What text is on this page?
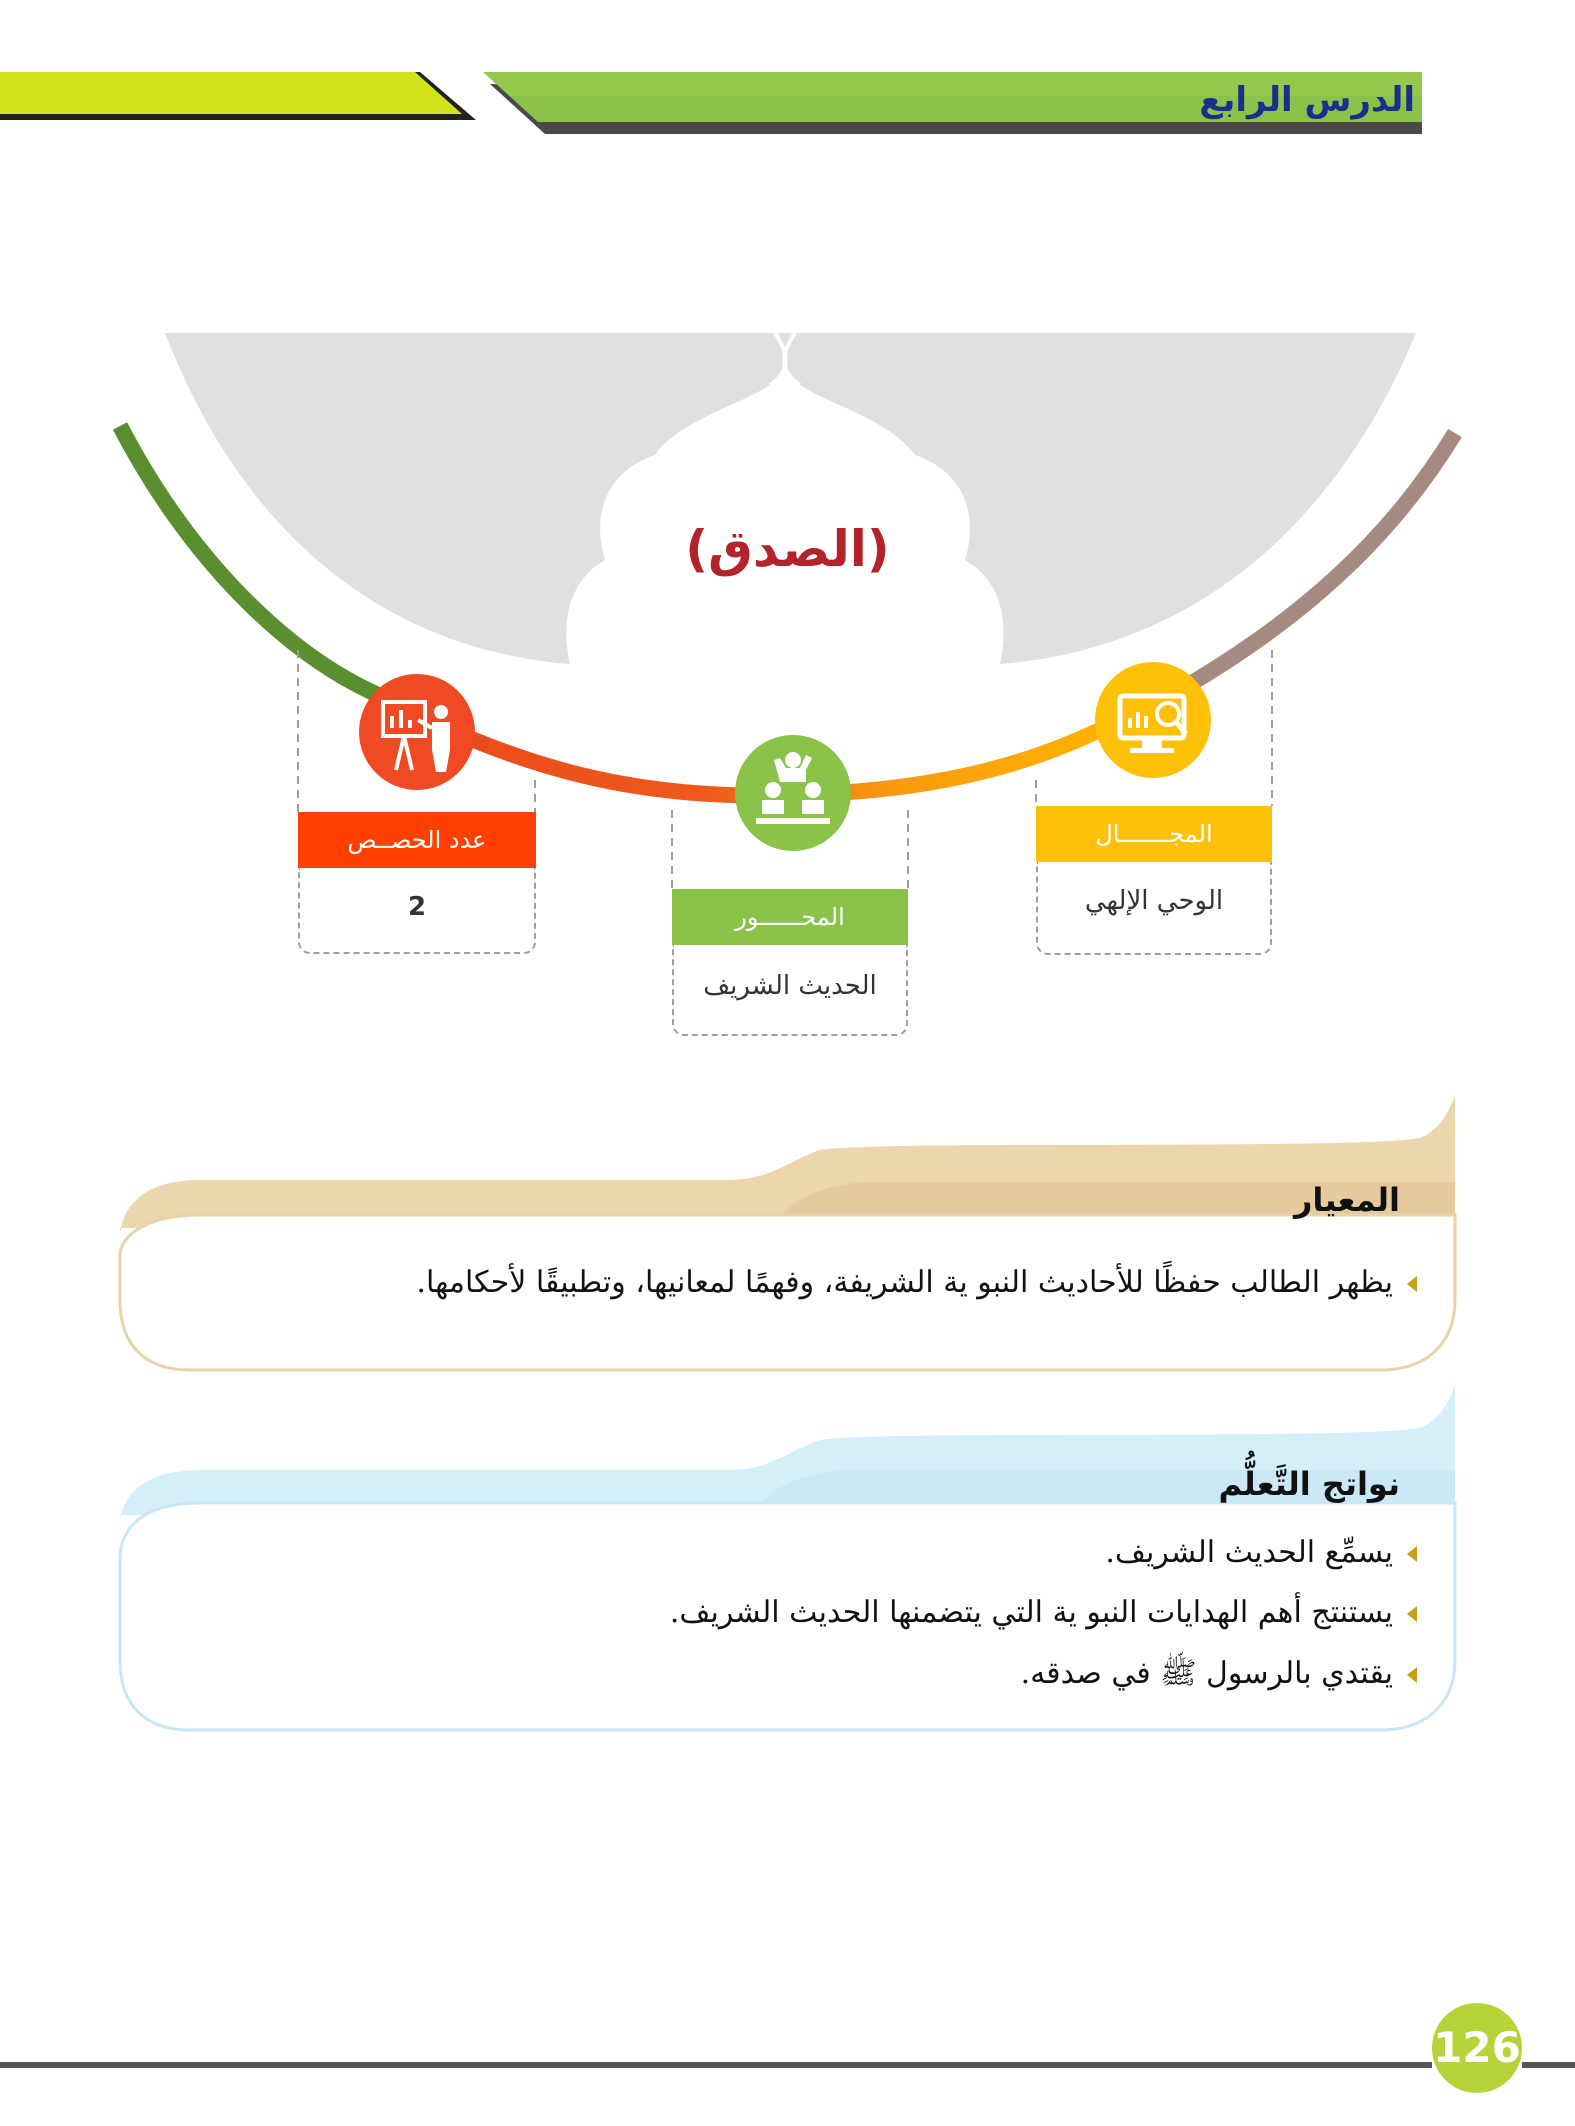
الدرس الرابع
(الصدق)
عدد الحصــص
2	المحــــــور
الحديث الشريف
المجـــــــال
الوحي الإلهي
المعيار
يظهر الطالب حفظًا للأحاديث النبو ية الشريفة، وفهمًا لمعانيها، وتطبيقًا لأحكامها.
نواتج التَّعلُّم
يسمِّع الحديث الشريف.
يستنتج أهم الهدايات النبو ية التي يتضمنها الحديث الشريف.
يقتدي بالرسول ﷺ في صدقه.
126
